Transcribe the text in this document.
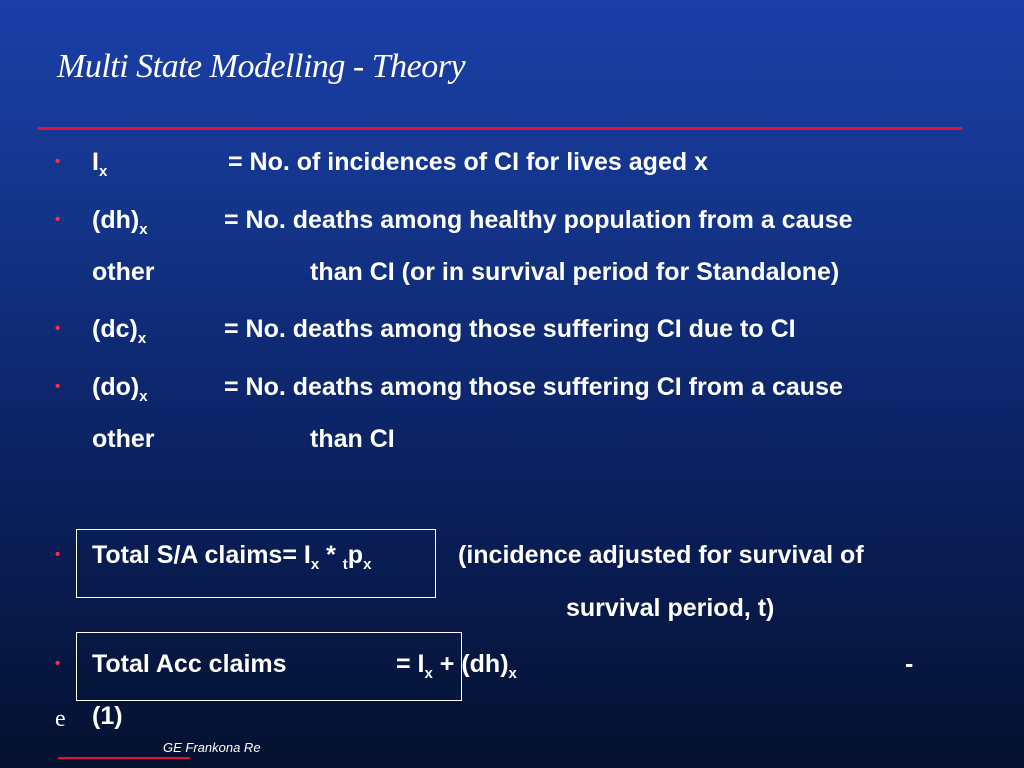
Multi State Modelling - Theory
• $I_x$	= No. of incidences of CI for lives aged x
• $(dh)_x$	= No. deaths among healthy population from a cause
other	than CI (or in survival period for Standalone)
• $(dc)_x$	= No. deaths among those suffering CI due to CI
• $(do)_x$	= No. deaths among those suffering CI from a cause
other	than CI
• Total S/A claims= $I_x * _tp_x$	(incidence adjusted for survival of
survival period, t)
• Total Acc claims	= $I_x + (dh)_x$	-
(1)
e
GE Frankona Re
